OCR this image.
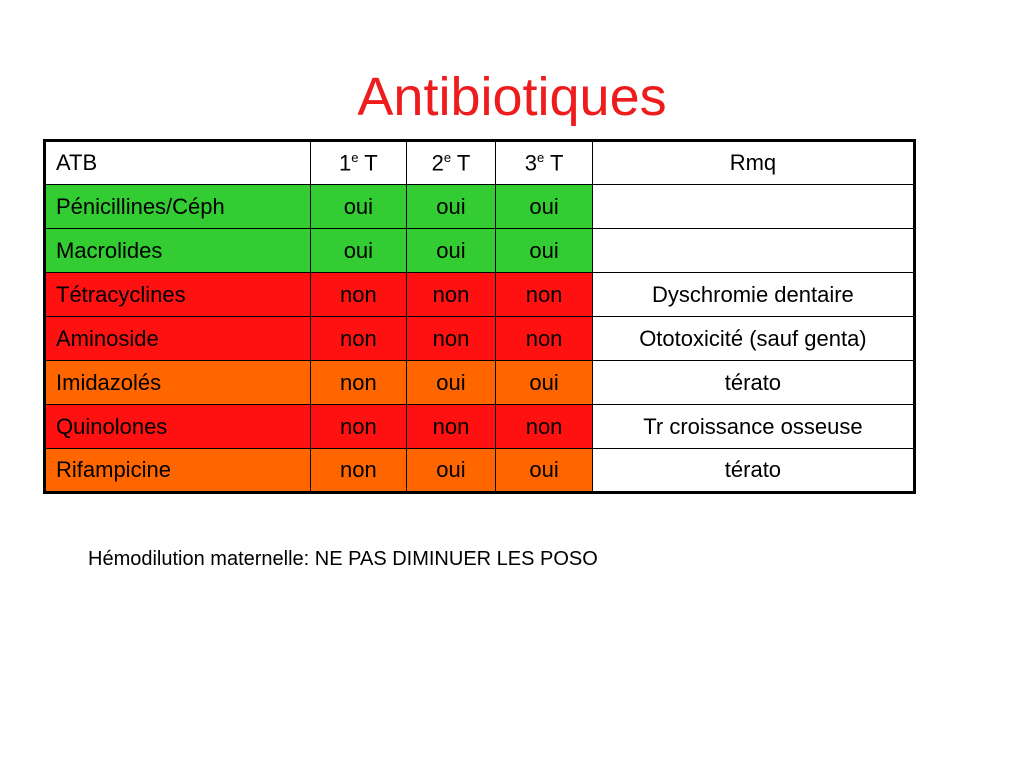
Antibiotiques
ATB	1e T	2e T	3e T	Rmq
Pénicillines/Céph	oui	oui	oui	
Macrolides	oui	oui	oui	
Tétracyclines	non	non	non	Dyschromie dentaire
Aminoside	non	non	non	Ototoxicité (sauf genta)
Imidazolés	non	oui	oui	térato
Quinolones	non	non	non	Tr croissance osseuse
Rifampicine	non	oui	oui	térato
Hémodilution maternelle: NE PAS DIMINUER LES POSO
